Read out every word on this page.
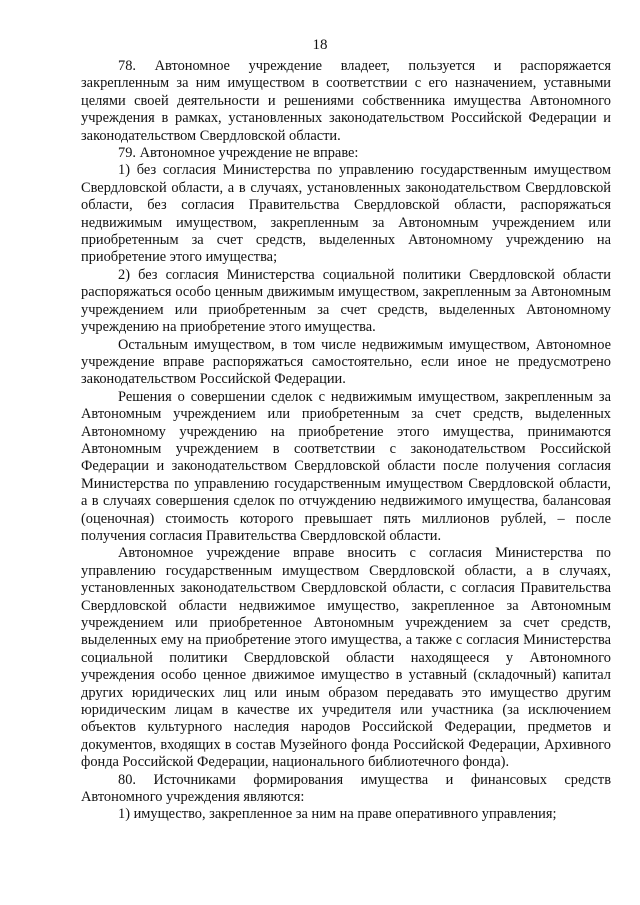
18

78. Автономное учреждение владеет, пользуется и распоряжается закрепленным за ним имуществом в соответствии с его назначением, уставными целями своей деятельности и решениями собственника имущества Автономного учреждения в рамках, установленных законодательством Российской Федерации и законодательством Свердловской области.

79. Автономное учреждение не вправе:

1) без согласия Министерства по управлению государственным имуществом Свердловской области, а в случаях, установленных законодательством Свердловской области, без согласия Правительства Свердловской области, распоряжаться недвижимым имуществом, закрепленным за Автономным учреждением или приобретенным за счет средств, выделенных Автономному учреждению на приобретение этого имущества;

2) без согласия Министерства социальной политики Свердловской области распоряжаться особо ценным движимым имуществом, закрепленным за Автономным учреждением или приобретенным за счет средств, выделенных Автономному учреждению на приобретение этого имущества.

Остальным имуществом, в том числе недвижимым имуществом, Автономное учреждение вправе распоряжаться самостоятельно, если иное не предусмотрено законодательством Российской Федерации.

Решения о совершении сделок с недвижимым имуществом, закрепленным за Автономным учреждением или приобретенным за счет средств, выделенных Автономному учреждению на приобретение этого имущества, принимаются Автономным учреждением в соответствии с законодательством Российской Федерации и законодательством Свердловской области после получения согласия Министерства по управлению государственным имуществом Свердловской области, а в случаях совершения сделок по отчуждению недвижимого имущества, балансовая (оценочная) стоимость которого превышает пять миллионов рублей, – после получения согласия Правительства Свердловской области.

Автономное учреждение вправе вносить с согласия Министерства по управлению государственным имуществом Свердловской области, а в случаях, установленных законодательством Свердловской области, с согласия Правительства Свердловской области недвижимое имущество, закрепленное за Автономным учреждением или приобретенное Автономным учреждением за счет средств, выделенных ему на приобретение этого имущества, а также с согласия Министерства социальной политики Свердловской области находящееся у Автономного учреждения особо ценное движимое имущество в уставный (складочный) капитал других юридических лиц или иным образом передавать это имущество другим юридическим лицам в качестве их учредителя или участника (за исключением объектов культурного наследия народов Российской Федерации, предметов и документов, входящих в состав Музейного фонда Российской Федерации, Архивного фонда Российской Федерации, национального библиотечного фонда).

80. Источниками формирования имущества и финансовых средств Автономного учреждения являются:

1) имущество, закрепленное за ним на праве оперативного управления;
